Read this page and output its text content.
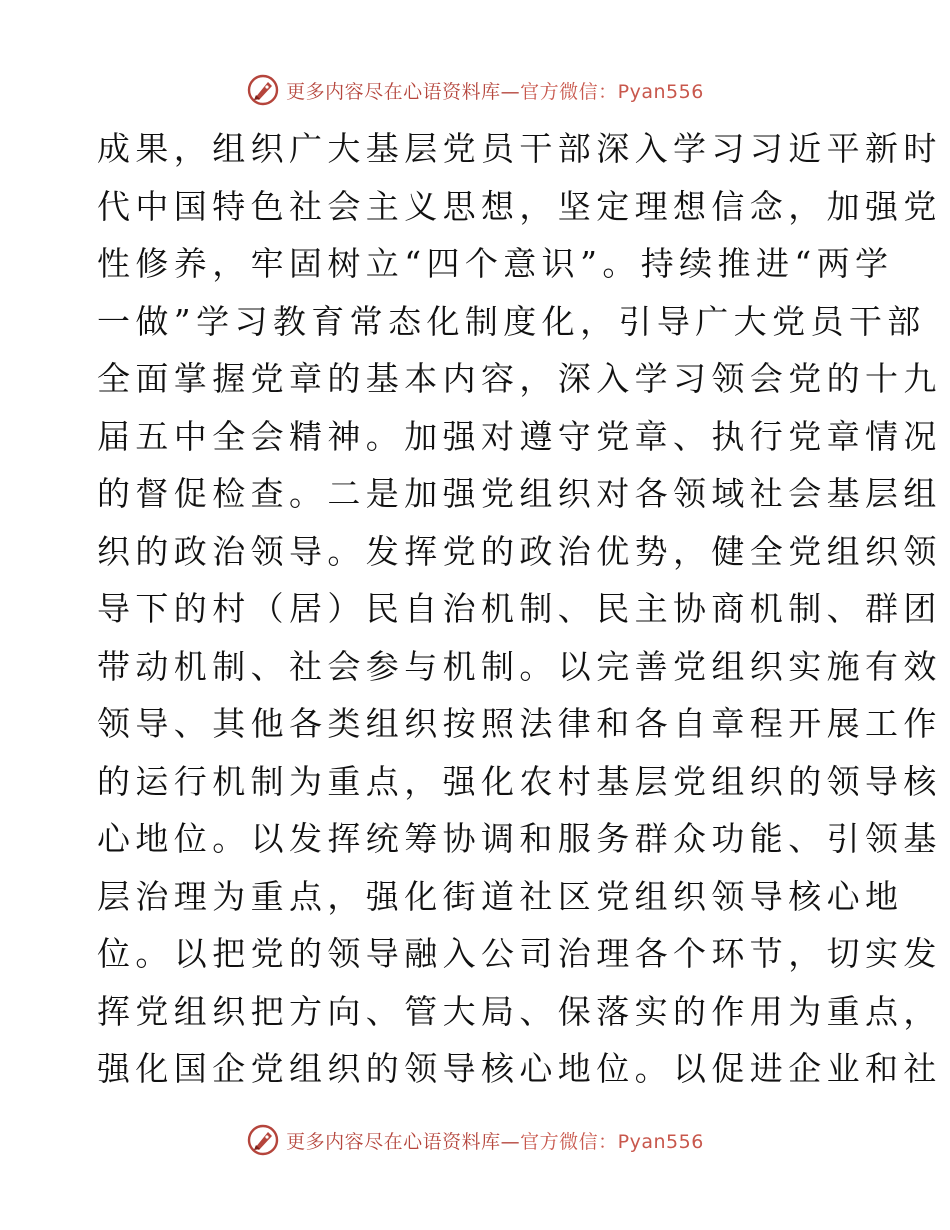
更多内容尽在心语资料库—官方微信：Pyan556
成果，组织广大基层党员干部深入学习习近平新时
代中国特色社会主义思想，坚定理想信念，加强党
性修养，牢固树立“四个意识”。持续推进“两学
一做”学习教育常态化制度化，引导广大党员干部
全面掌握党章的基本内容，深入学习领会党的十九
届五中全会精神。加强对遵守党章、执行党章情况
的督促检查。二是加强党组织对各领域社会基层组
织的政治领导。发挥党的政治优势，健全党组织领
导下的村（居）民自治机制、民主协商机制、群团
带动机制、社会参与机制。以完善党组织实施有效
领导、其他各类组织按照法律和各自章程开展工作
的运行机制为重点，强化农村基层党组织的领导核
心地位。以发挥统筹协调和服务群众功能、引领基
层治理为重点，强化街道社区党组织领导核心地
位。以把党的领导融入公司治理各个环节，切实发
挥党组织把方向、管大局、保落实的作用为重点，
强化国企党组织的领导核心地位。以促进企业和社
更多内容尽在心语资料库—官方微信：Pyan556
